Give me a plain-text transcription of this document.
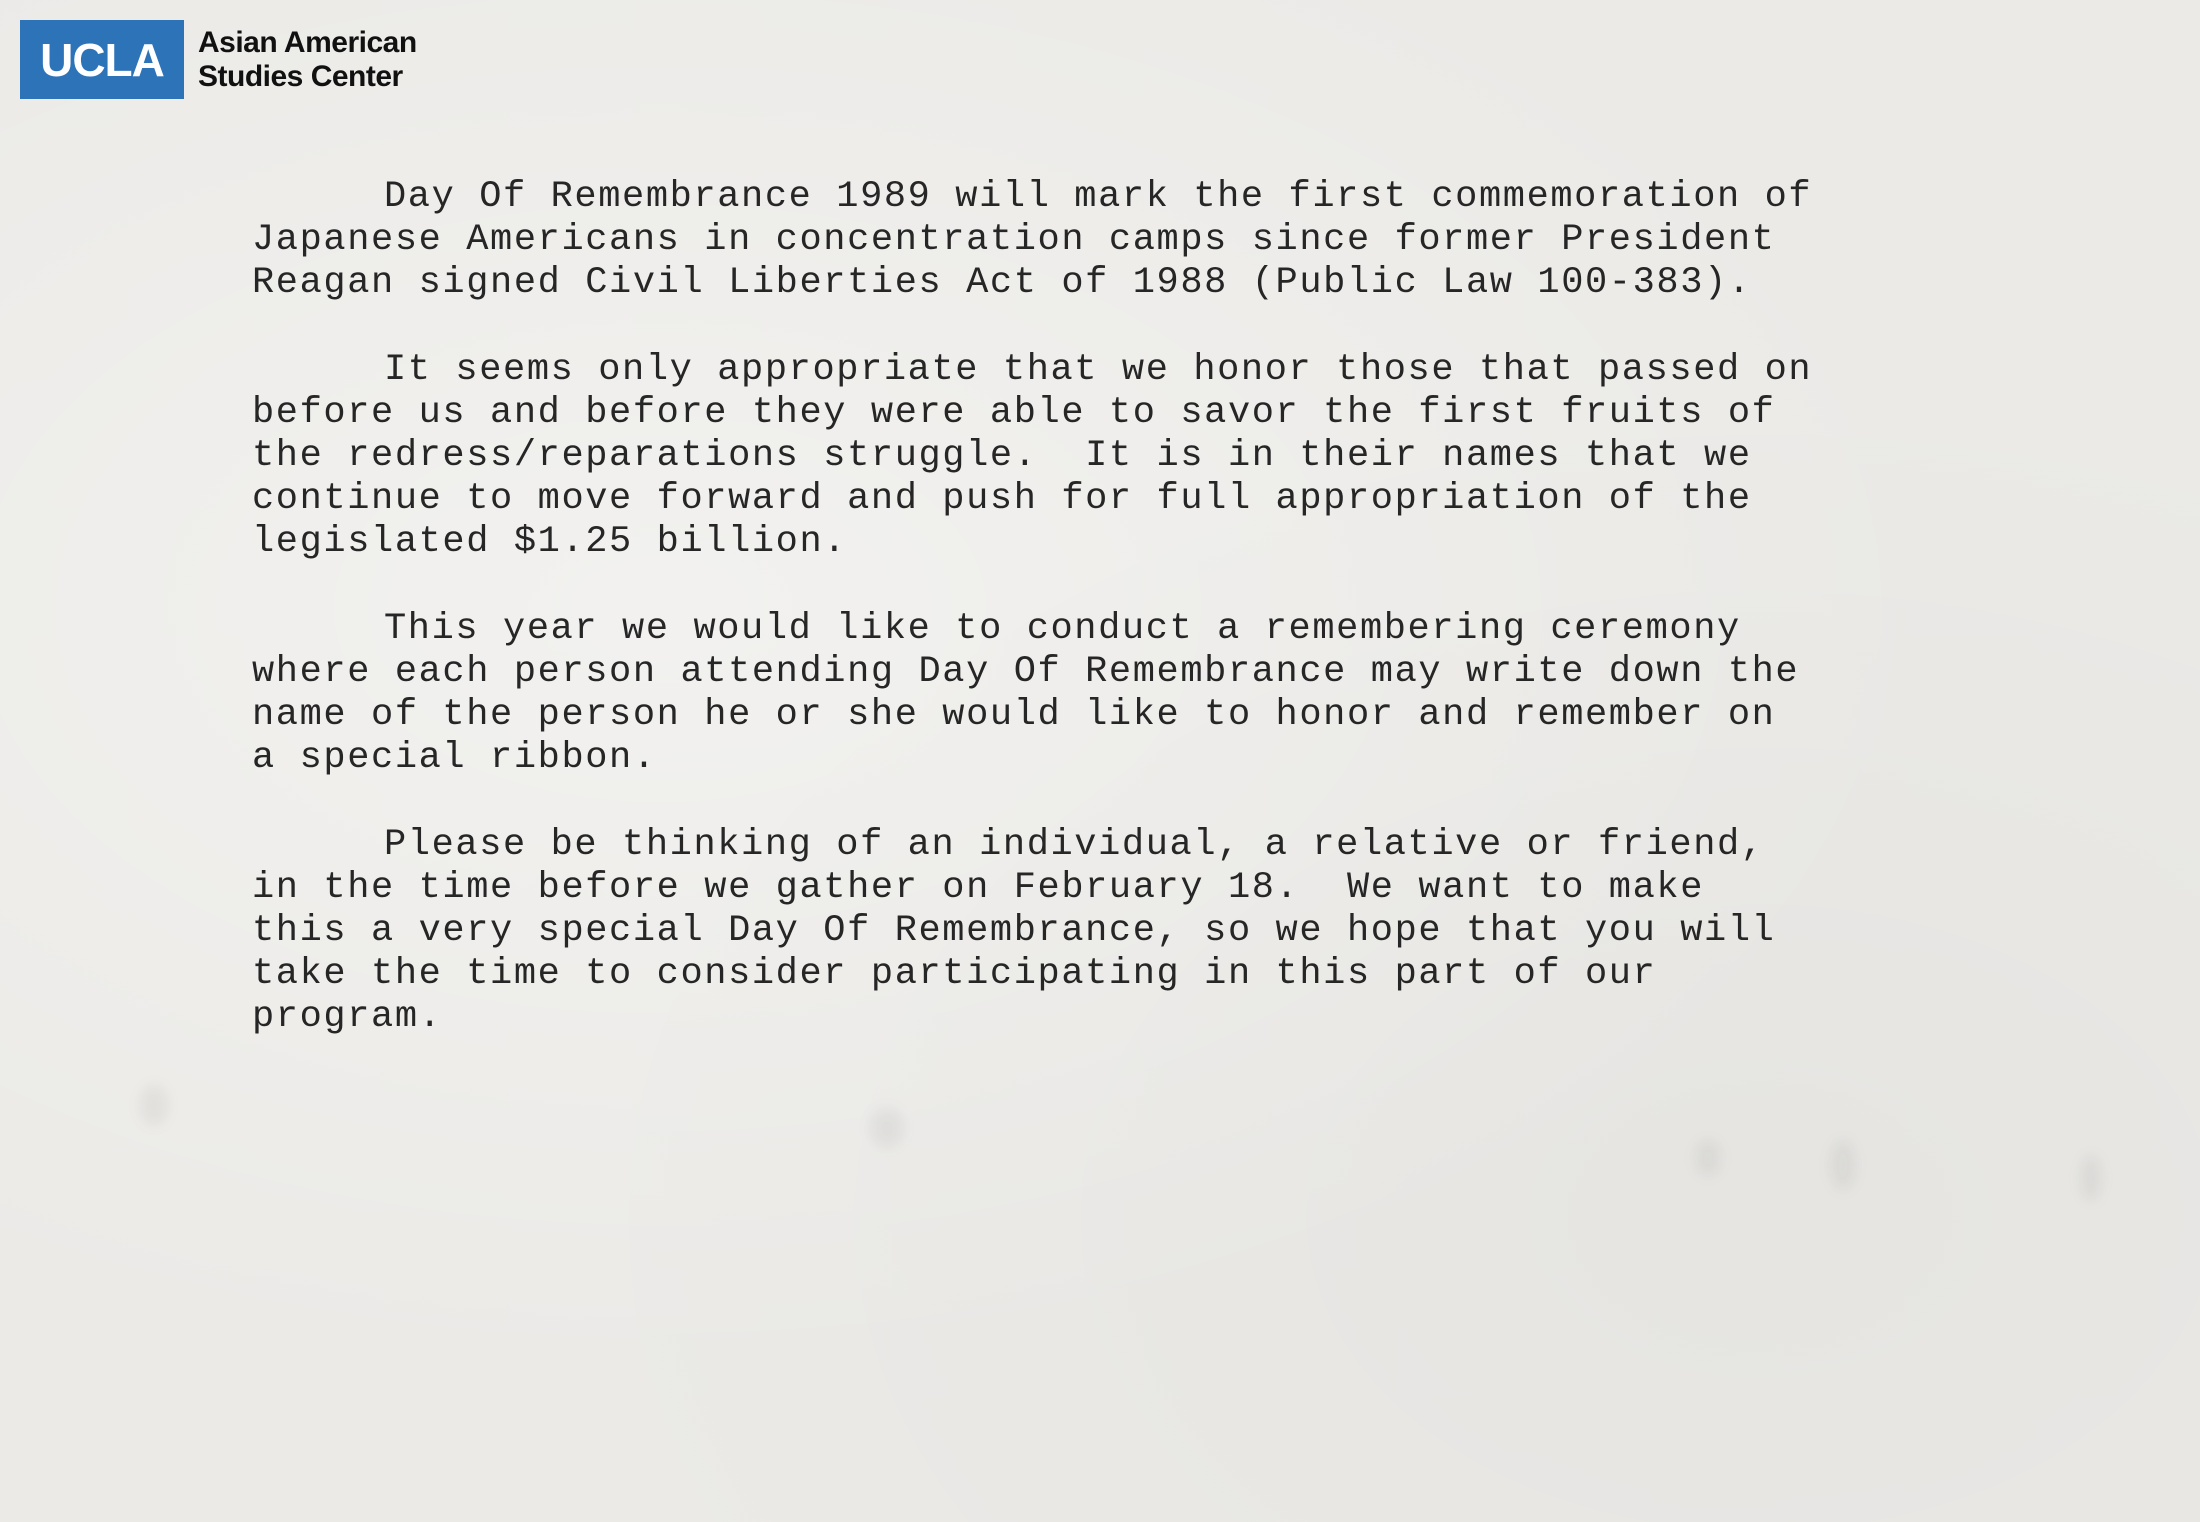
UCLA	Asian American
Studies Center
Day Of Remembrance 1989 will mark the first commemoration of
Japanese Americans in concentration camps since former President
Reagan signed Civil Liberties Act of 1988 (Public Law 100-383).
It seems only appropriate that we honor those that passed on
before us and before they were able to savor the first fruits of
the redress/reparations struggle.  It is in their names that we
continue to move forward and push for full appropriation of the
legislated $1.25 billion.
This year we would like to conduct a remembering ceremony
where each person attending Day Of Remembrance may write down the
name of the person he or she would like to honor and remember on
a special ribbon.
Please be thinking of an individual, a relative or friend,
in the time before we gather on February 18.  We want to make
this a very special Day Of Remembrance, so we hope that you will
take the time to consider participating in this part of our
program.
